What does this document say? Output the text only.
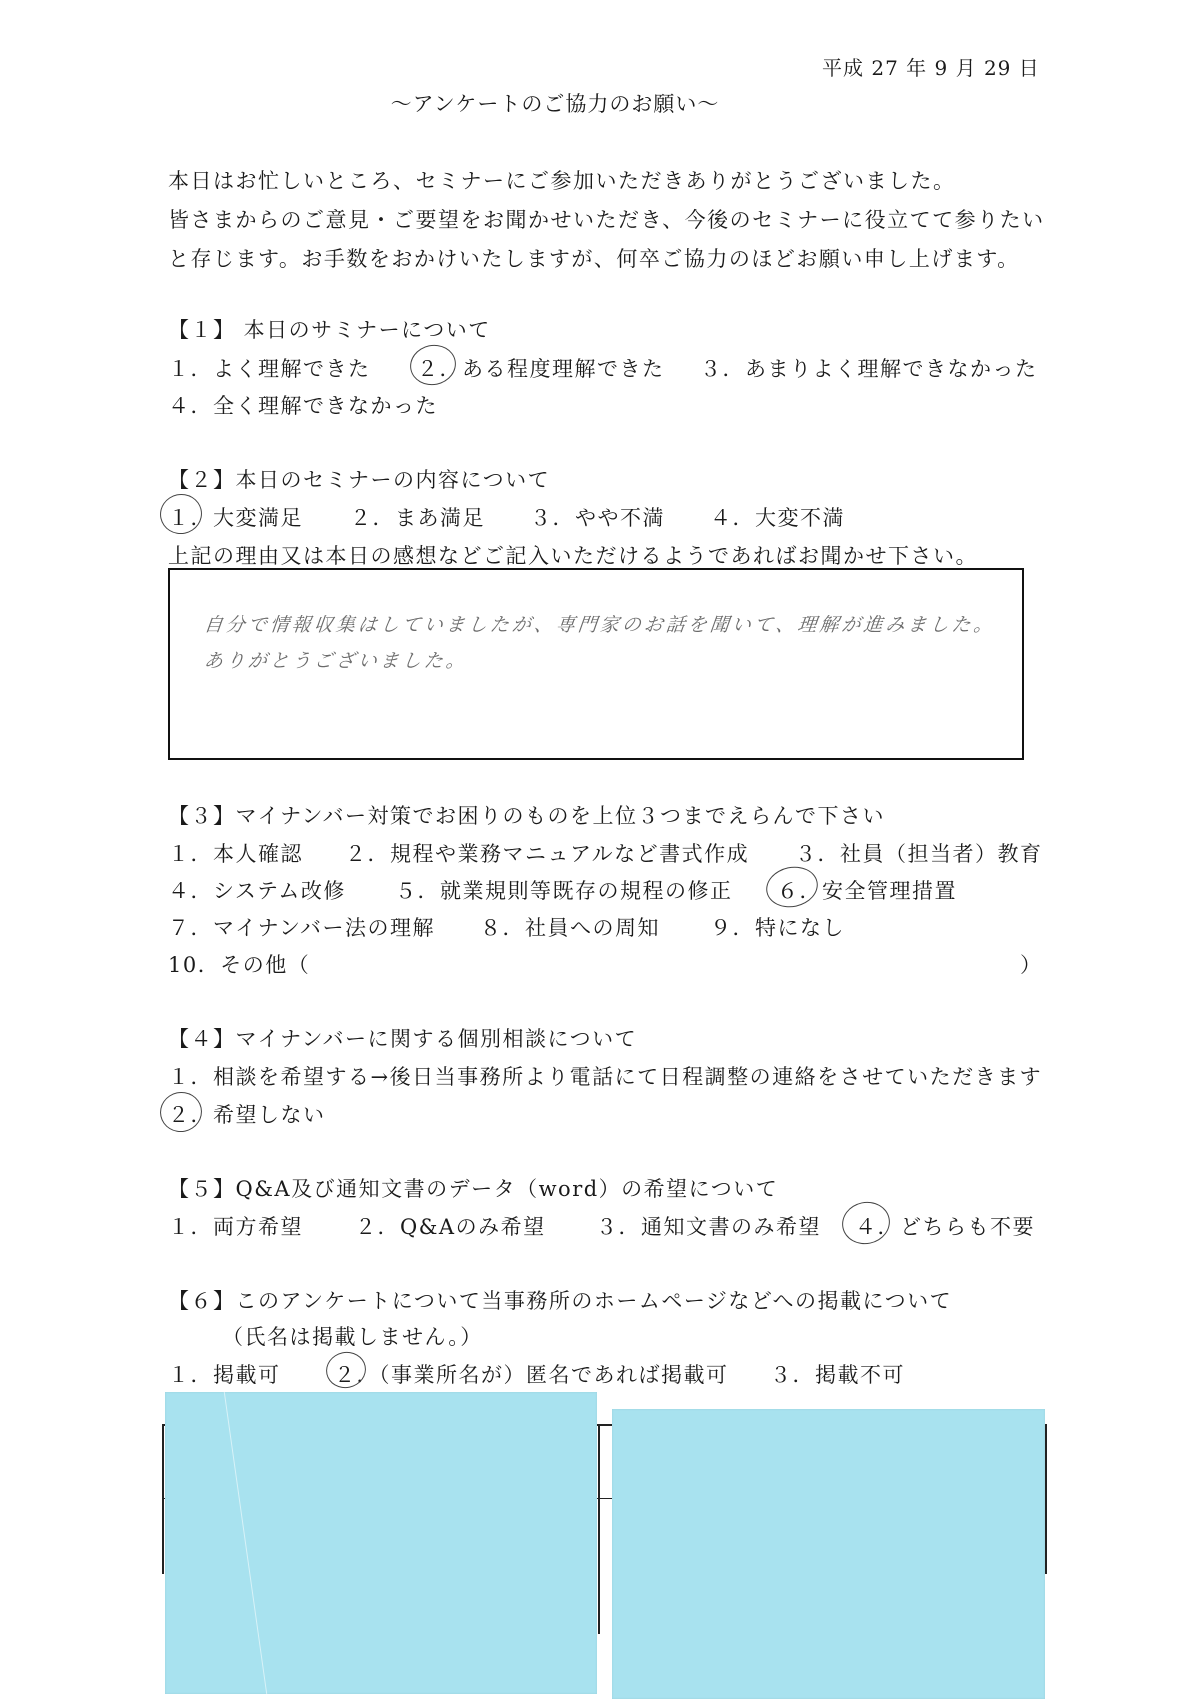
平成 27 年 9 月 29 日
～アンケートのご協力のお願い～
本日はお忙しいところ、セミナーにご参加いただきありがとうございました。
皆さまからのご意見・ご要望をお聞かせいただき、今後のセミナーに役立てて参りたい
と存じます。お手数をおかけいたしますが、何卒ご協力のほどお願い申し上げます。
【１】 本日のサミナーについて
１．よく理解できた ２．ある程度理解できた ３．あまりよく理解できなかった
４．全く理解できなかった
【２】本日のセミナーの内容について
１．大変満足 ２．まあ満足 ３．やや不満 ４．大変不満
上記の理由又は本日の感想などご記入いただけるようであればお聞かせ下さい。
自分で情報収集はしていましたが、専門家のお話を聞いて、理解が進みました。
ありがとうございました。
【３】マイナンバー対策でお困りのものを上位３つまでえらんで下さい
１．本人確認 ２．規程や業務マニュアルなど書式作成 ３．社員（担当者）教育
４．システム改修 ５．就業規則等既存の規程の修正 ６．安全管理措置
７．マイナンバー法の理解 ８．社員への周知 ９．特になし
10．その他（	）
【４】マイナンバーに関する個別相談について
１．相談を希望する→後日当事務所より電話にて日程調整の連絡をさせていただきます
２．希望しない
【５】Q&A及び通知文書のデータ（word）の希望について
１．両方希望 ２．Q&Aのみ希望 ３．通知文書のみ希望 ４．どちらも不要
【６】このアンケートについて当事務所のホームページなどへの掲載について
（氏名は掲載しません。）
１．掲載可	２．（事業所名が）匿名であれば掲載可 ３．掲載不可
